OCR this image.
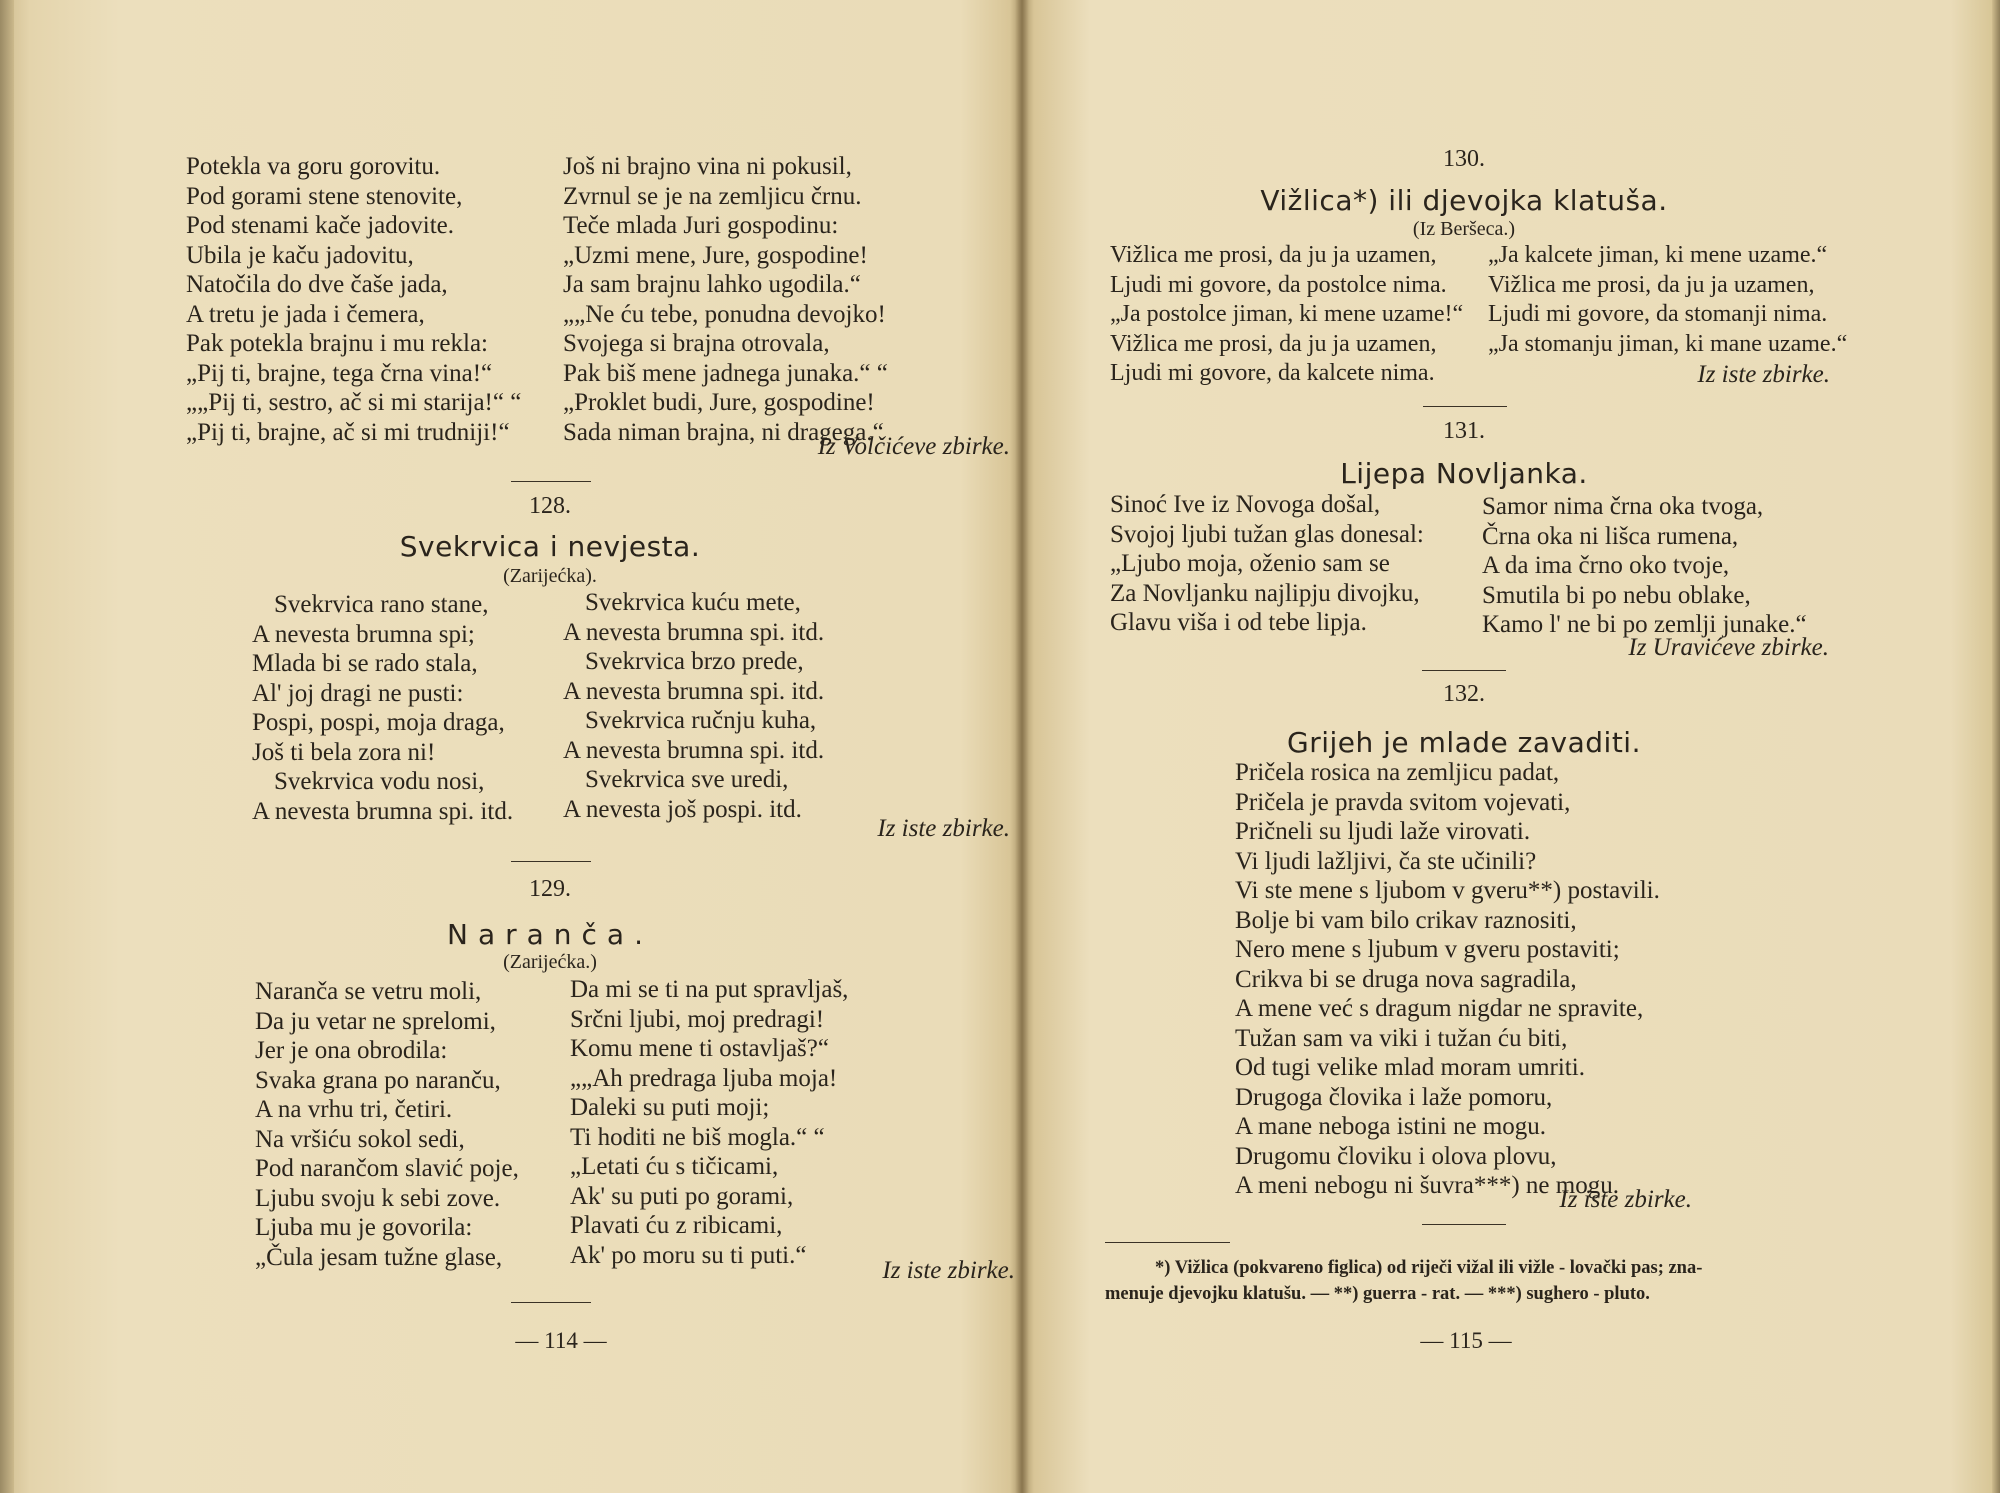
Potekla va goru gorovitu.
Pod gorami stene stenovite,
Pod stenami kače jadovite.
Ubila je kaču jadovitu,
Natočila do dve čaše jada,
A tretu je jada i čemera,
Pak potekla brajnu i mu rekla:
„Pij ti, brajne, tega črna vina!“
„„Pij ti, sestro, ač si mi starija!“ “
„Pij ti, brajne, ač si mi trudniji!“
Još ni brajno vina ni pokusil,
Zvrnul se je na zemljicu črnu.
Teče mlada Juri gospodinu:
„Uzmi mene, Jure, gospodine!
Ja sam brajnu lahko ugodila.“
„„Ne ću tebe, ponudna devojko!
Svojega si brajna otrovala,
Pak biš mene jadnega junaka.“ “
„Proklet budi, Jure, gospodine!
Sada niman brajna, ni dragega.“
Iz Volčićeve zbirke.
128.
Svekrvica i nevjesta.
(Zarijećka).
Svekrvica rano stane,
A nevesta brumna spi;
Mlada bi se rado stala,
Al' joj dragi ne pusti:
Pospi, pospi, moja draga,
Još ti bela zora ni!
Svekrvica vodu nosi,
A nevesta brumna spi. itd.
Svekrvica kuću mete,
A nevesta brumna spi. itd.
Svekrvica brzo prede,
A nevesta brumna spi. itd.
Svekrvica ručnju kuha,
A nevesta brumna spi. itd.
Svekrvica sve uredi,
A nevesta još pospi. itd.
Iz iste zbirke.
129.
Naranča.
(Zarijećka.)
Naranča se vetru moli,
Da ju vetar ne sprelomi,
Jer je ona obrodila:
Svaka grana po naranču,
A na vrhu tri, četiri.
Na vršiću sokol sedi,
Pod narančom slavić poje,
Ljubu svoju k sebi zove.
Ljuba mu je govorila:
„Čula jesam tužne glase,
Da mi se ti na put spravljaš,
Srčni ljubi, moj predragi!
Komu mene ti ostavljaš?“
„„Ah predraga ljuba moja!
Daleki su puti moji;
Ti hoditi ne biš mogla.“ “
„Letati ću s tičicami,
Ak' su puti po gorami,
Plavati ću z ribicami,
Ak' po moru su ti puti.“
Iz iste zbirke.
— 114 —
130.
Vižlica*) ili djevojka klatuša.
(Iz Beršeca.)
Vižlica me prosi, da ju ja uzamen,
Ljudi mi govore, da postolce nima.
„Ja postolce jiman, ki mene uzame!“
Vižlica me prosi, da ju ja uzamen,
Ljudi mi govore, da kalcete nima.
„Ja kalcete jiman, ki mene uzame.“
Vižlica me prosi, da ju ja uzamen,
Ljudi mi govore, da stomanji nima.
„Ja stomanju jiman, ki mane uzame.“
Iz iste zbirke.
131.
Lijepa Novljanka.
Sinoć Ive iz Novoga došal,
Svojoj ljubi tužan glas donesal:
„Ljubo moja, oženio sam se
Za Novljanku najlipju divojku,
Glavu viša i od tebe lipja.
Samor nima črna oka tvoga,
Črna oka ni lišca rumena,
A da ima črno oko tvoje,
Smutila bi po nebu oblake,
Kamo l' ne bi po zemlji junake.“
Iz Uravićeve zbirke.
132.
Grijeh je mlade zavaditi.
Pričela rosica na zemljicu padat,
Pričela je pravda svitom vojevati,
Pričneli su ljudi laže virovati.
Vi ljudi lažljivi, ča ste učinili?
Vi ste mene s ljubom v gveru**) postavili.
Bolje bi vam bilo crikav raznositi,
Nero mene s ljubum v gveru postaviti;
Crikva bi se druga nova sagradila,
A mene već s dragum nigdar ne spravite,
Tužan sam va viki i tužan ću biti,
Od tugi velike mlad moram umriti.
Drugoga človika i laže pomoru,
A mane neboga istini ne mogu.
Drugomu človiku i olova plovu,
A meni nebogu ni šuvra***) ne mogu.
Iz iste zbirke.
*) Vižlica (pokvareno figlica) od riječi vižal ili vižle - lovački pas; zna-
menuje djevojku klatušu. — **) guerra - rat. — ***) sughero - pluto.
— 115 —
